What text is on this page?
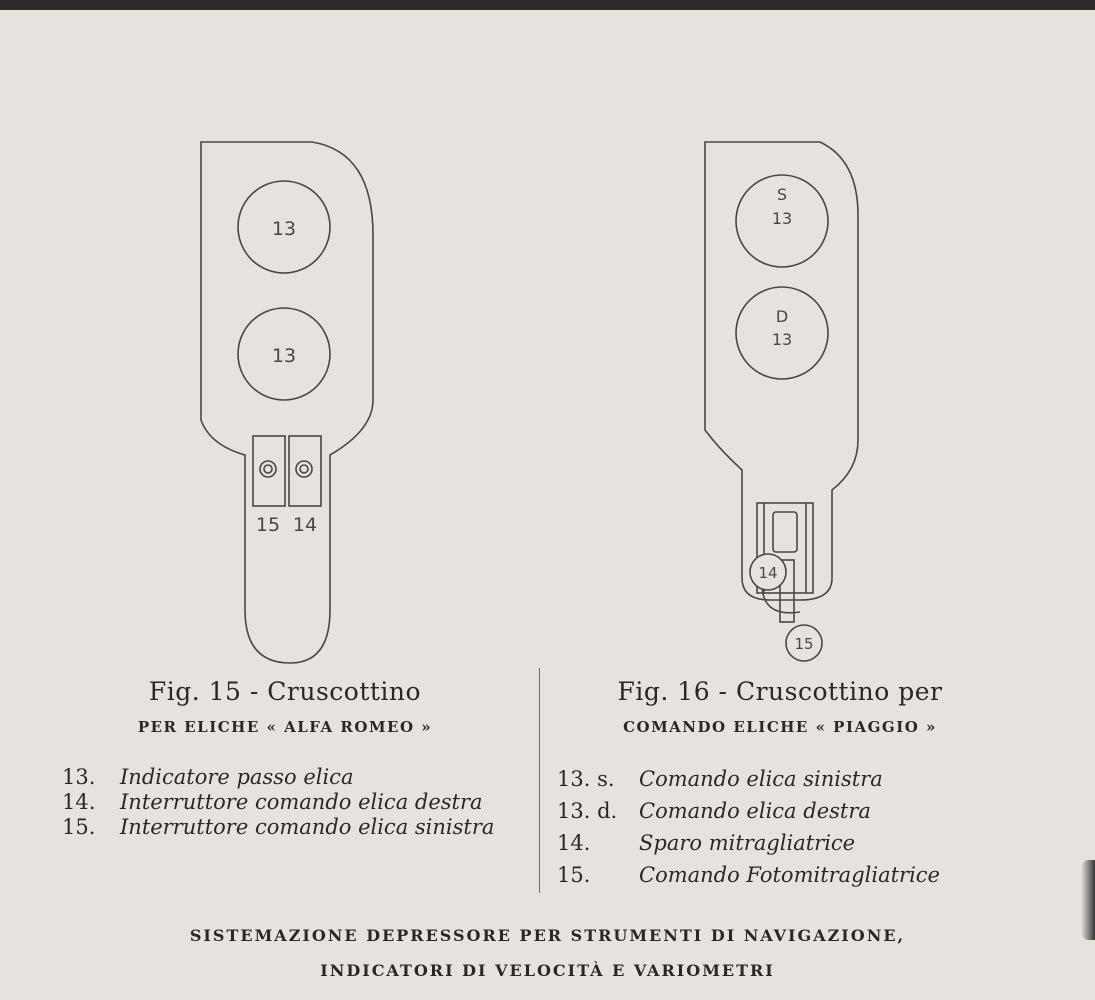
13
13
15 14
S
13
D
13
14
15
Fig. 15 - Cruscottino
PER ELICHE « ALFA ROMEO »
Fig. 16 - Cruscottino per
COMANDO ELICHE « PIAGGIO »
13.	Indicatore passo elica
14.	Interruttore comando elica destra
15.	Interruttore comando elica sinistra
13. s.	Comando elica sinistra
13. d.	Comando elica destra
14.	Sparo mitragliatrice
15.	Comando Fotomitragliatrice
SISTEMAZIONE DEPRESSORE PER STRUMENTI DI NAVIGAZIONE,
INDICATORI DI VELOCITÀ E VARIOMETRI
